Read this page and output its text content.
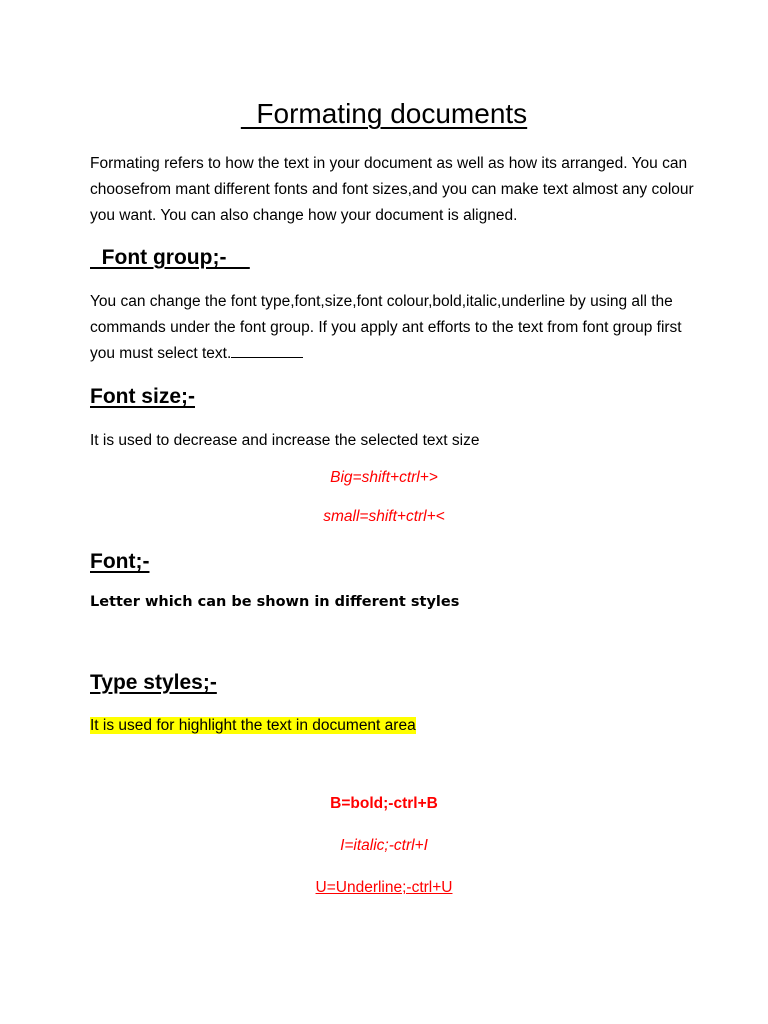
Formating documents
Formating refers to how the text in your document as well as how its arranged. You can choosefrom mant different fonts and font sizes,and you can make text almost any colour you want. You can also change how your document is aligned.
Font group;-
You can change the font type,font,size,font colour,bold,italic,underline by using all the commands under the font group. If you apply ant efforts to the text from font group first you must select text.
Font size;-
It is used to decrease and increase the selected text size
Big=shift+ctrl+>
small=shift+ctrl+<
Font;-
Letter which can be shown in different styles
Type styles;-
It is used for highlight the text in document area
B=bold;-ctrl+B
I=italic;-ctrl+I
U=Underline;-ctrl+U
